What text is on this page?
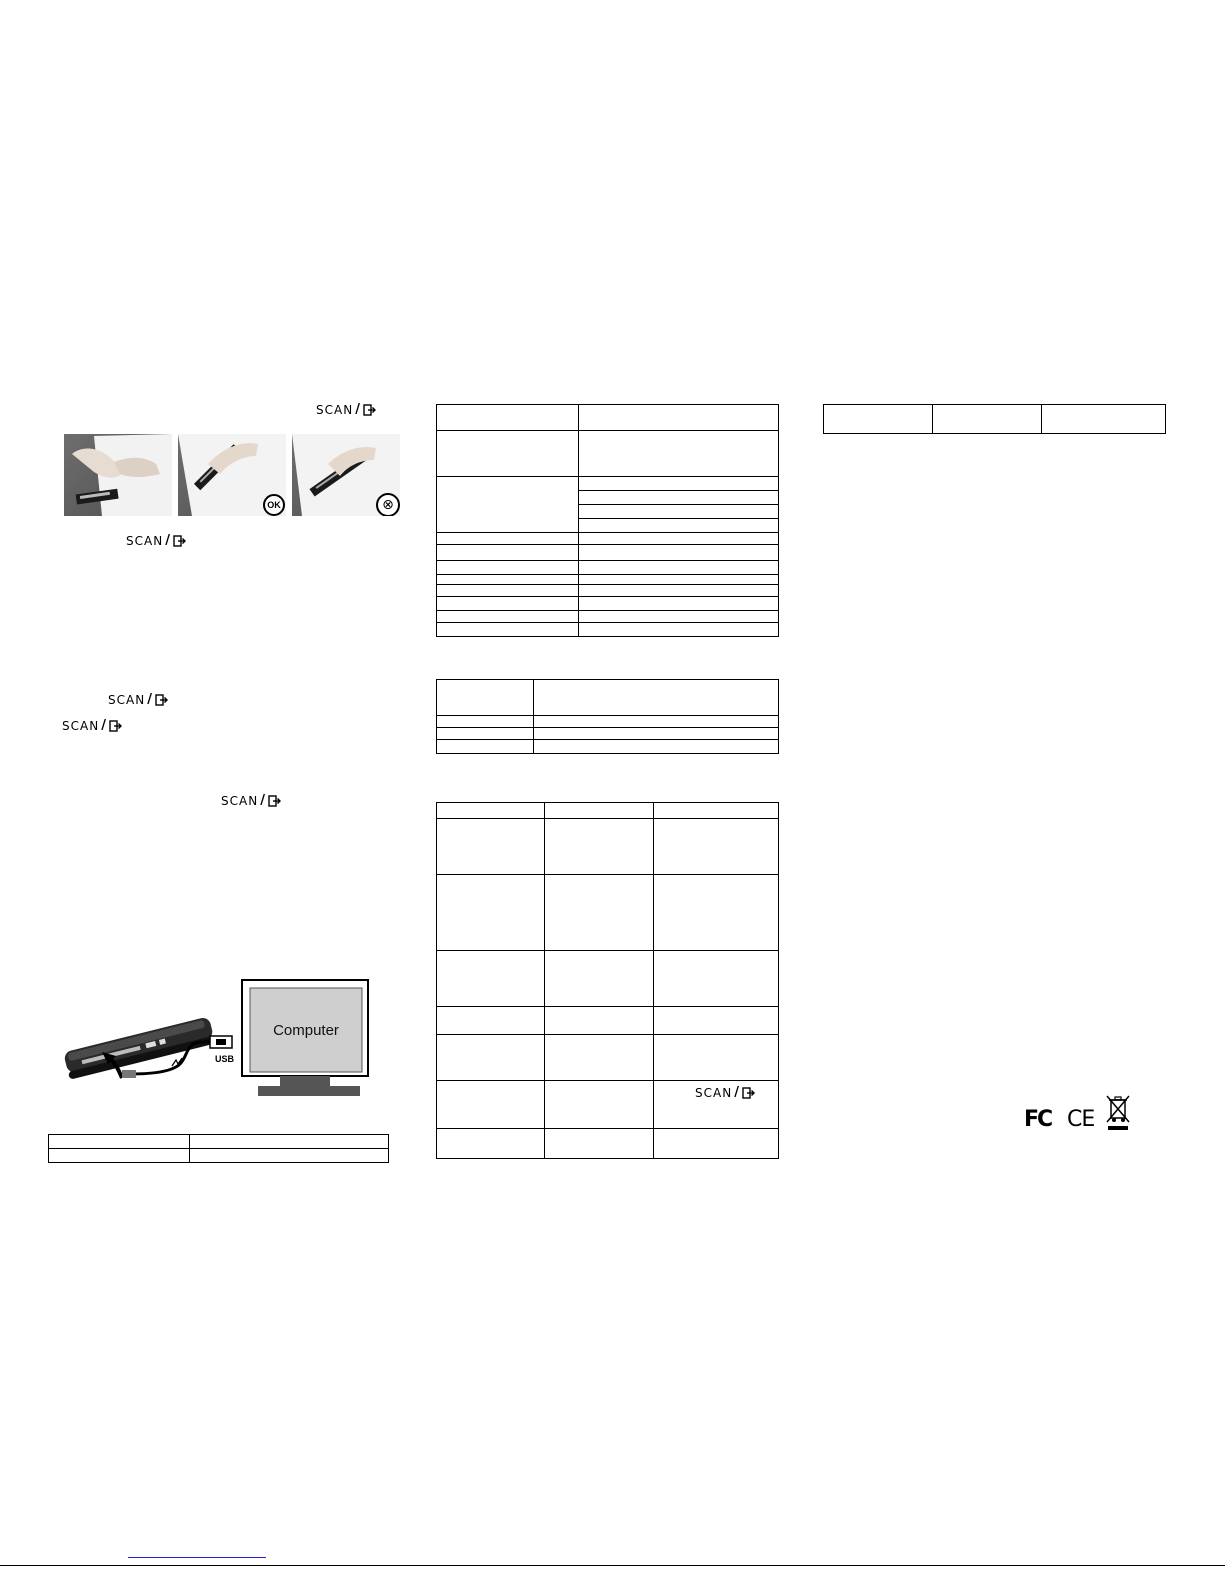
SCAN /
OK	⊗
SCAN /
SCAN /
SCAN /
SCAN /
Computer
USB

SCAN /

FC CE
